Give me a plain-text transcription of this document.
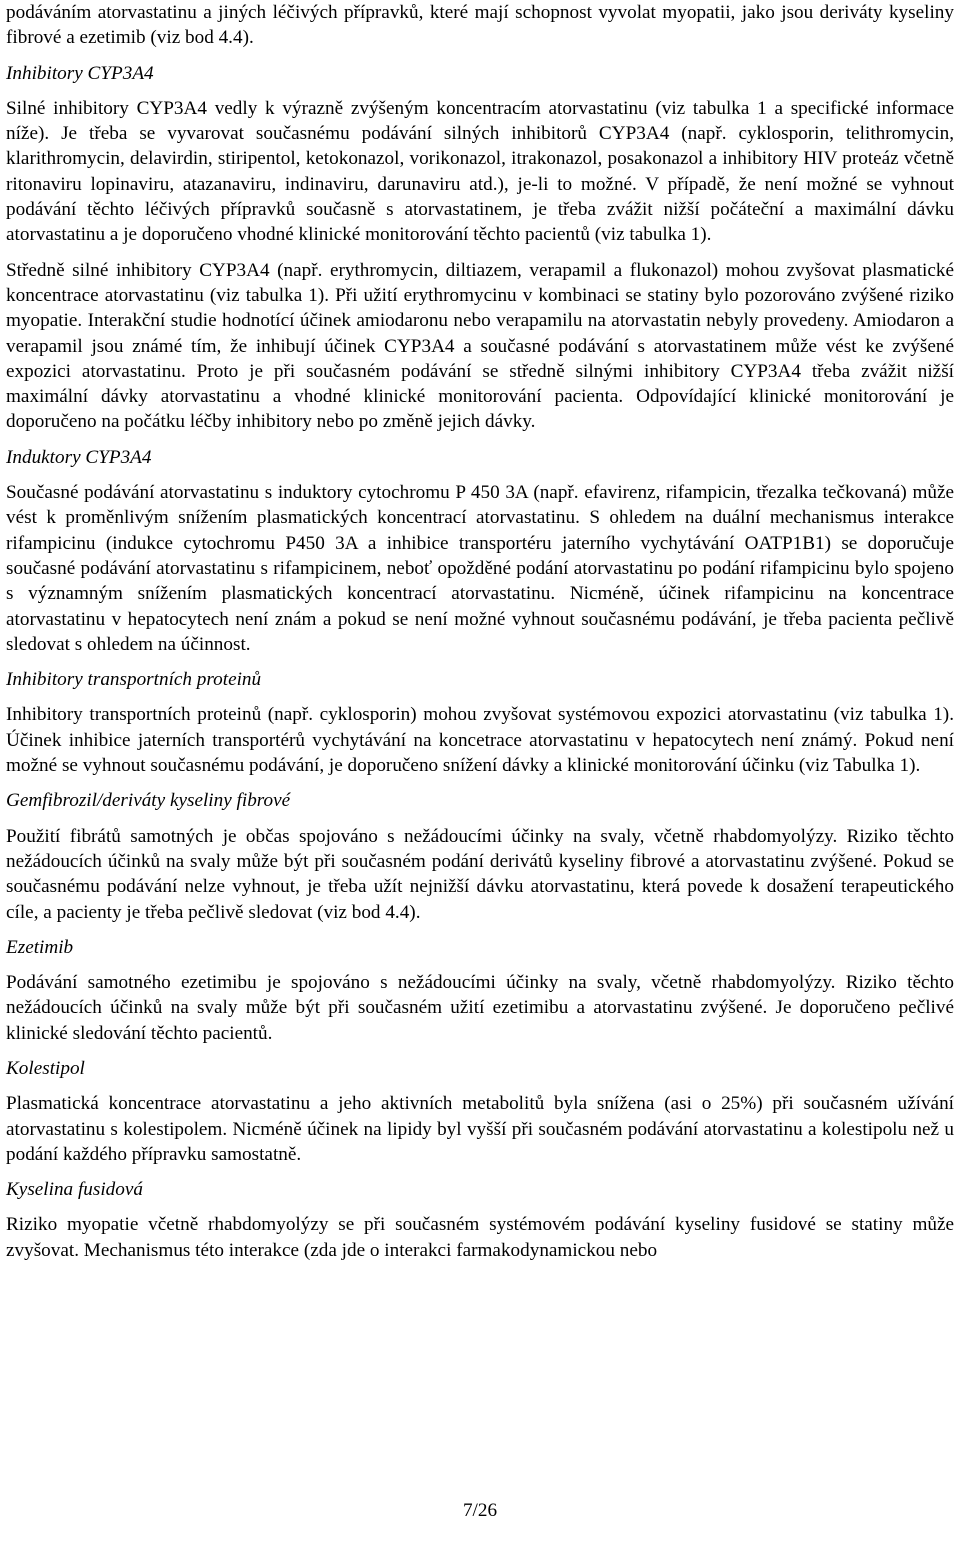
podáváním atorvastatinu a jiných léčivých přípravků, které mají schopnost vyvolat myopatii, jako jsou deriváty kyseliny fibrové a ezetimib (viz bod 4.4).

Inhibitory CYP3A4

Silné inhibitory CYP3A4 vedly k výrazně zvýšeným koncentracím atorvastatinu (viz tabulka 1 a specifické informace níže). Je třeba se vyvarovat současnému podávání silných inhibitorů CYP3A4 (např. cyklosporin, telithromycin, klarithromycin, delavirdin, stiripentol, ketokonazol, vorikonazol, itrakonazol, posakonazol a inhibitory HIV proteáz včetně ritonaviru lopinaviru, atazanaviru, indinaviru, darunaviru atd.), je-li to možné. V případě, že není možné se vyhnout podávání těchto léčivých přípravků současně s atorvastatinem, je třeba zvážit nižší počáteční a maximální dávku atorvastatinu a je doporučeno vhodné klinické monitorování těchto pacientů (viz tabulka 1).

Středně silné inhibitory CYP3A4 (např. erythromycin, diltiazem, verapamil a flukonazol) mohou zvyšovat plasmatické koncentrace atorvastatinu (viz tabulka 1). Při užití erythromycinu v kombinaci se statiny bylo pozorováno zvýšené riziko myopatie. Interakční studie hodnotící účinek amiodaronu nebo verapamilu na atorvastatin nebyly provedeny. Amiodaron a verapamil jsou známé tím, že inhibují účinek CYP3A4 a současné podávání s atorvastatinem může vést ke zvýšené expozici atorvastatinu. Proto je při současném podávání se středně silnými inhibitory CYP3A4 třeba zvážit nižší maximální dávky atorvastatinu a vhodné klinické monitorování pacienta. Odpovídající klinické monitorování je doporučeno na počátku léčby inhibitory nebo po změně jejich dávky.

Induktory CYP3A4

Současné podávání atorvastatinu s induktory cytochromu P 450 3A (např. efavirenz, rifampicin, třezalka tečkovaná) může vést k proměnlivým snížením plasmatických koncentrací atorvastatinu. S ohledem na duální mechanismus interakce rifampicinu (indukce cytochromu P450 3A a inhibice transportéru jaterního vychytávání OATP1B1) se doporučuje současné podávání atorvastatinu s rifampicinem, neboť opožděné podání atorvastatinu po podání rifampicinu bylo spojeno s významným snížením plasmatických koncentrací atorvastatinu. Nicméně, účinek rifampicinu na koncentrace atorvastatinu v hepatocytech není znám a pokud se není možné vyhnout současnému podávání, je třeba pacienta pečlivě sledovat s ohledem na účinnost.

Inhibitory transportních proteinů

Inhibitory transportních proteinů (např. cyklosporin) mohou zvyšovat systémovou expozici atorvastatinu (viz tabulka 1). Účinek inhibice jaterních transportérů vychytávání na koncetrace atorvastatinu v hepatocytech není známý. Pokud není možné se vyhnout současnému podávání, je doporučeno snížení dávky a klinické monitorování účinku (viz Tabulka 1).

Gemfibrozil/deriváty kyseliny fibrové

Použití fibrátů samotných je občas spojováno s nežádoucími účinky na svaly, včetně rhabdomyolýzy. Riziko těchto nežádoucích účinků na svaly může být při současném podání derivátů kyseliny fibrové a atorvastatinu zvýšené. Pokud se současnému podávání nelze vyhnout, je třeba užít nejnižší dávku atorvastatinu, která povede k dosažení terapeutického cíle, a pacienty je třeba pečlivě sledovat (viz bod 4.4).

Ezetimib

Podávání samotného ezetimibu je spojováno s nežádoucími účinky na svaly, včetně rhabdomyolýzy. Riziko těchto nežádoucích účinků na svaly může být při současném užití ezetimibu a atorvastatinu zvýšené. Je doporučeno pečlivé klinické sledování těchto pacientů.

Kolestipol

Plasmatická koncentrace atorvastatinu a jeho aktivních metabolitů byla snížena (asi o 25%) při současném užívání atorvastatinu s kolestipolem. Nicméně účinek na lipidy byl vyšší při současném podávání atorvastatinu a kolestipolu než u podání každého přípravku samostatně.

Kyselina fusidová

Riziko myopatie včetně rhabdomyolýzy se při současném systémovém podávání kyseliny fusidové se statiny může zvyšovat. Mechanismus této interakce (zda jde o interakci farmakodynamickou nebo

7/26
